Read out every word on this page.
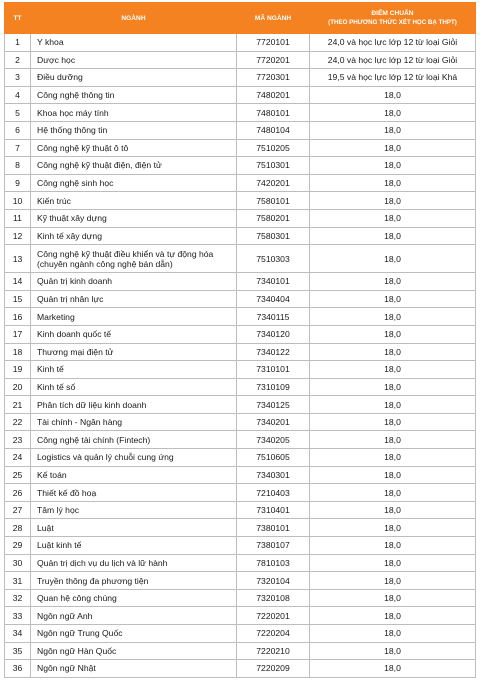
TT	NGÀNH	MÃ NGÀNH	ĐIỂM CHUẨN
(THEO PHƯƠNG THỨC XÉT HỌC BẠ THPT)

1	Y khoa	7720101	24,0 và học lực lớp 12 từ loại Giỏi
2	Dược học	7720201	24,0 và học lực lớp 12 từ loại Giỏi
3	Điều dưỡng	7720301	19,5 và học lực lớp 12 từ loại Khá
4	Công nghệ thông tin	7480201	18,0
5	Khoa học máy tính	7480101	18,0
6	Hệ thống thông tin	7480104	18,0
7	Công nghệ kỹ thuật ô tô	7510205	18,0
8	Công nghệ kỹ thuật điện, điện tử	7510301	18,0
9	Công nghệ sinh học	7420201	18,0
10	Kiến trúc	7580101	18,0
11	Kỹ thuật xây dựng	7580201	18,0
12	Kinh tế xây dựng	7580301	18,0
13	Công nghệ kỹ thuật điều khiển và tự động hóa (chuyên ngành công nghệ bán dẫn)	7510303	18,0
14	Quản trị kinh doanh	7340101	18,0
15	Quản trị nhân lực	7340404	18,0
16	Marketing	7340115	18,0
17	Kinh doanh quốc tế	7340120	18,0
18	Thương mại điện tử	7340122	18,0
19	Kinh tế	7310101	18,0
20	Kinh tế số	7310109	18,0
21	Phân tích dữ liệu kinh doanh	7340125	18,0
22	Tài chính - Ngân hàng	7340201	18,0
23	Công nghệ tài chính (Fintech)	7340205	18,0
24	Logistics và quản lý chuỗi cung ứng	7510605	18,0
25	Kế toán	7340301	18,0
26	Thiết kế đồ hoạ	7210403	18,0
27	Tâm lý học	7310401	18,0
28	Luật	7380101	18,0
29	Luật kinh tế	7380107	18,0
30	Quản trị dịch vụ du lịch và lữ hành	7810103	18,0
31	Truyền thông đa phương tiện	7320104	18,0
32	Quan hệ công chúng	7320108	18,0
33	Ngôn ngữ Anh	7220201	18,0
34	Ngôn ngữ Trung Quốc	7220204	18,0
35	Ngôn ngữ Hàn Quốc	7220210	18,0
36	Ngôn ngữ Nhật	7220209	18,0
